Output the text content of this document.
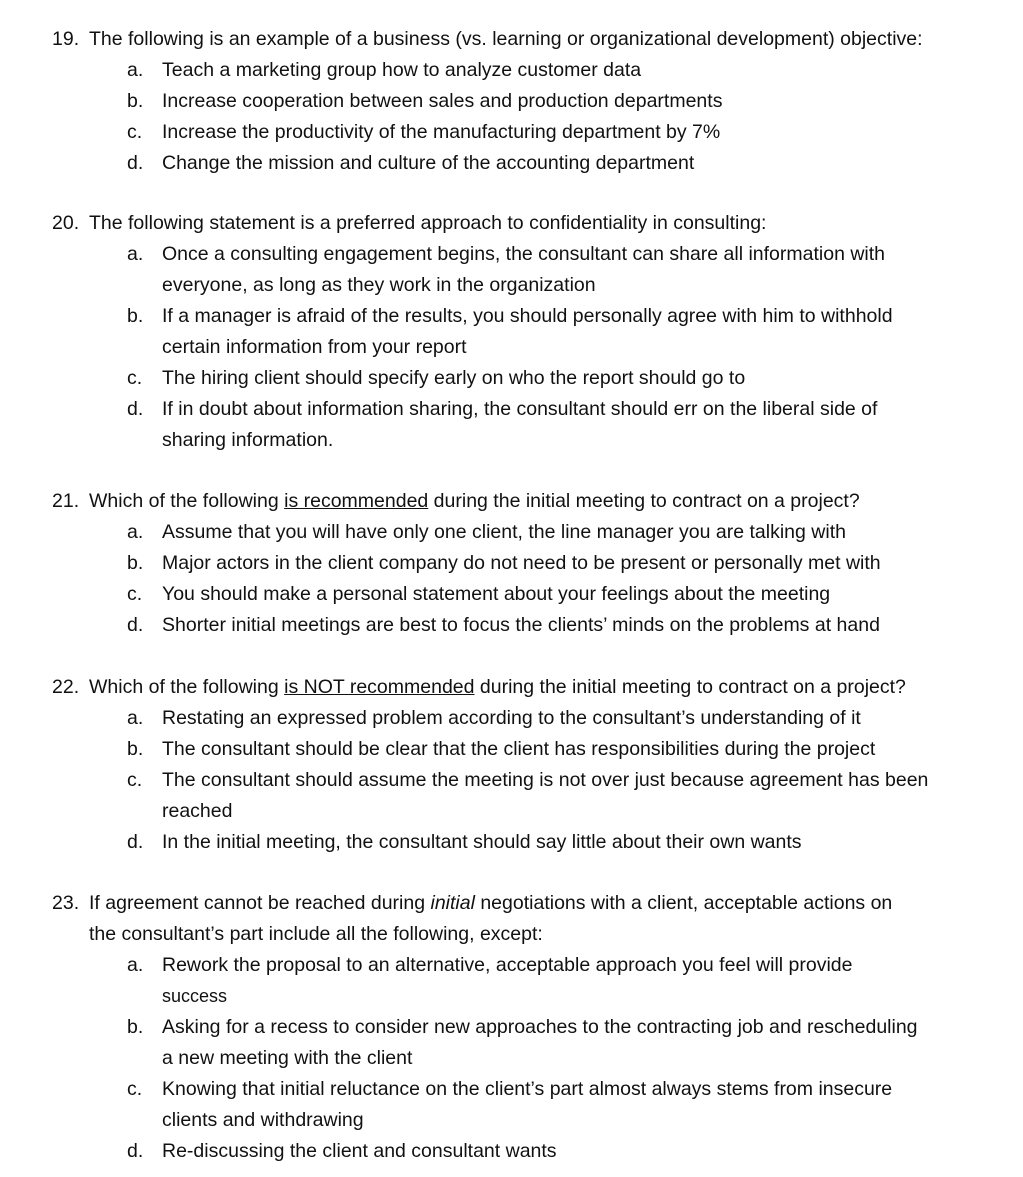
19. The following is an example of a business (vs. learning or organizational development) objective:
a. Teach a marketing group how to analyze customer data
b. Increase cooperation between sales and production departments
c. Increase the productivity of the manufacturing department by 7%
d. Change the mission and culture of the accounting department
20. The following statement is a preferred approach to confidentiality in consulting:
a. Once a consulting engagement begins, the consultant can share all information with
everyone, as long as they work in the organization
b. If a manager is afraid of the results, you should personally agree with him to withhold
certain information from your report
c. The hiring client should specify early on who the report should go to
d. If in doubt about information sharing, the consultant should err on the liberal side of
sharing information.
21. Which of the following is recommended during the initial meeting to contract on a project?
a. Assume that you will have only one client, the line manager you are talking with
b. Major actors in the client company do not need to be present or personally met with
c. You should make a personal statement about your feelings about the meeting
d. Shorter initial meetings are best to focus the clients’ minds on the problems at hand
22. Which of the following is NOT recommended during the initial meeting to contract on a project?
a. Restating an expressed problem according to the consultant’s understanding of it
b. The consultant should be clear that the client has responsibilities during the project
c. The consultant should assume the meeting is not over just because agreement has been
reached
d. In the initial meeting, the consultant should say little about their own wants
23. If agreement cannot be reached during initial negotiations with a client, acceptable actions on
the consultant’s part include all the following, except:
a. Rework the proposal to an alternative, acceptable approach you feel will provide
success
b. Asking for a recess to consider new approaches to the contracting job and rescheduling
a new meeting with the client
c. Knowing that initial reluctance on the client’s part almost always stems from insecure
clients and withdrawing
d. Re-discussing the client and consultant wants
